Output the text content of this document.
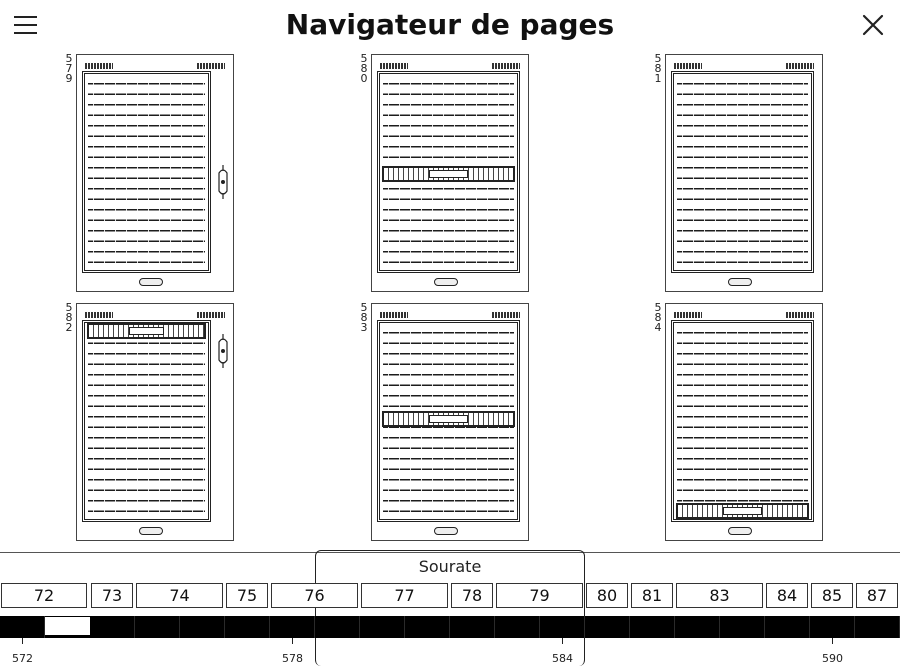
Navigateur de pages
5
7
9
5
8
0
5
8
1
5
8
2
5
8
3
5
8
4
Sourate
72	73	74	75	76	77	78	79	80	81	83	84	85	87
572	578	584	590
